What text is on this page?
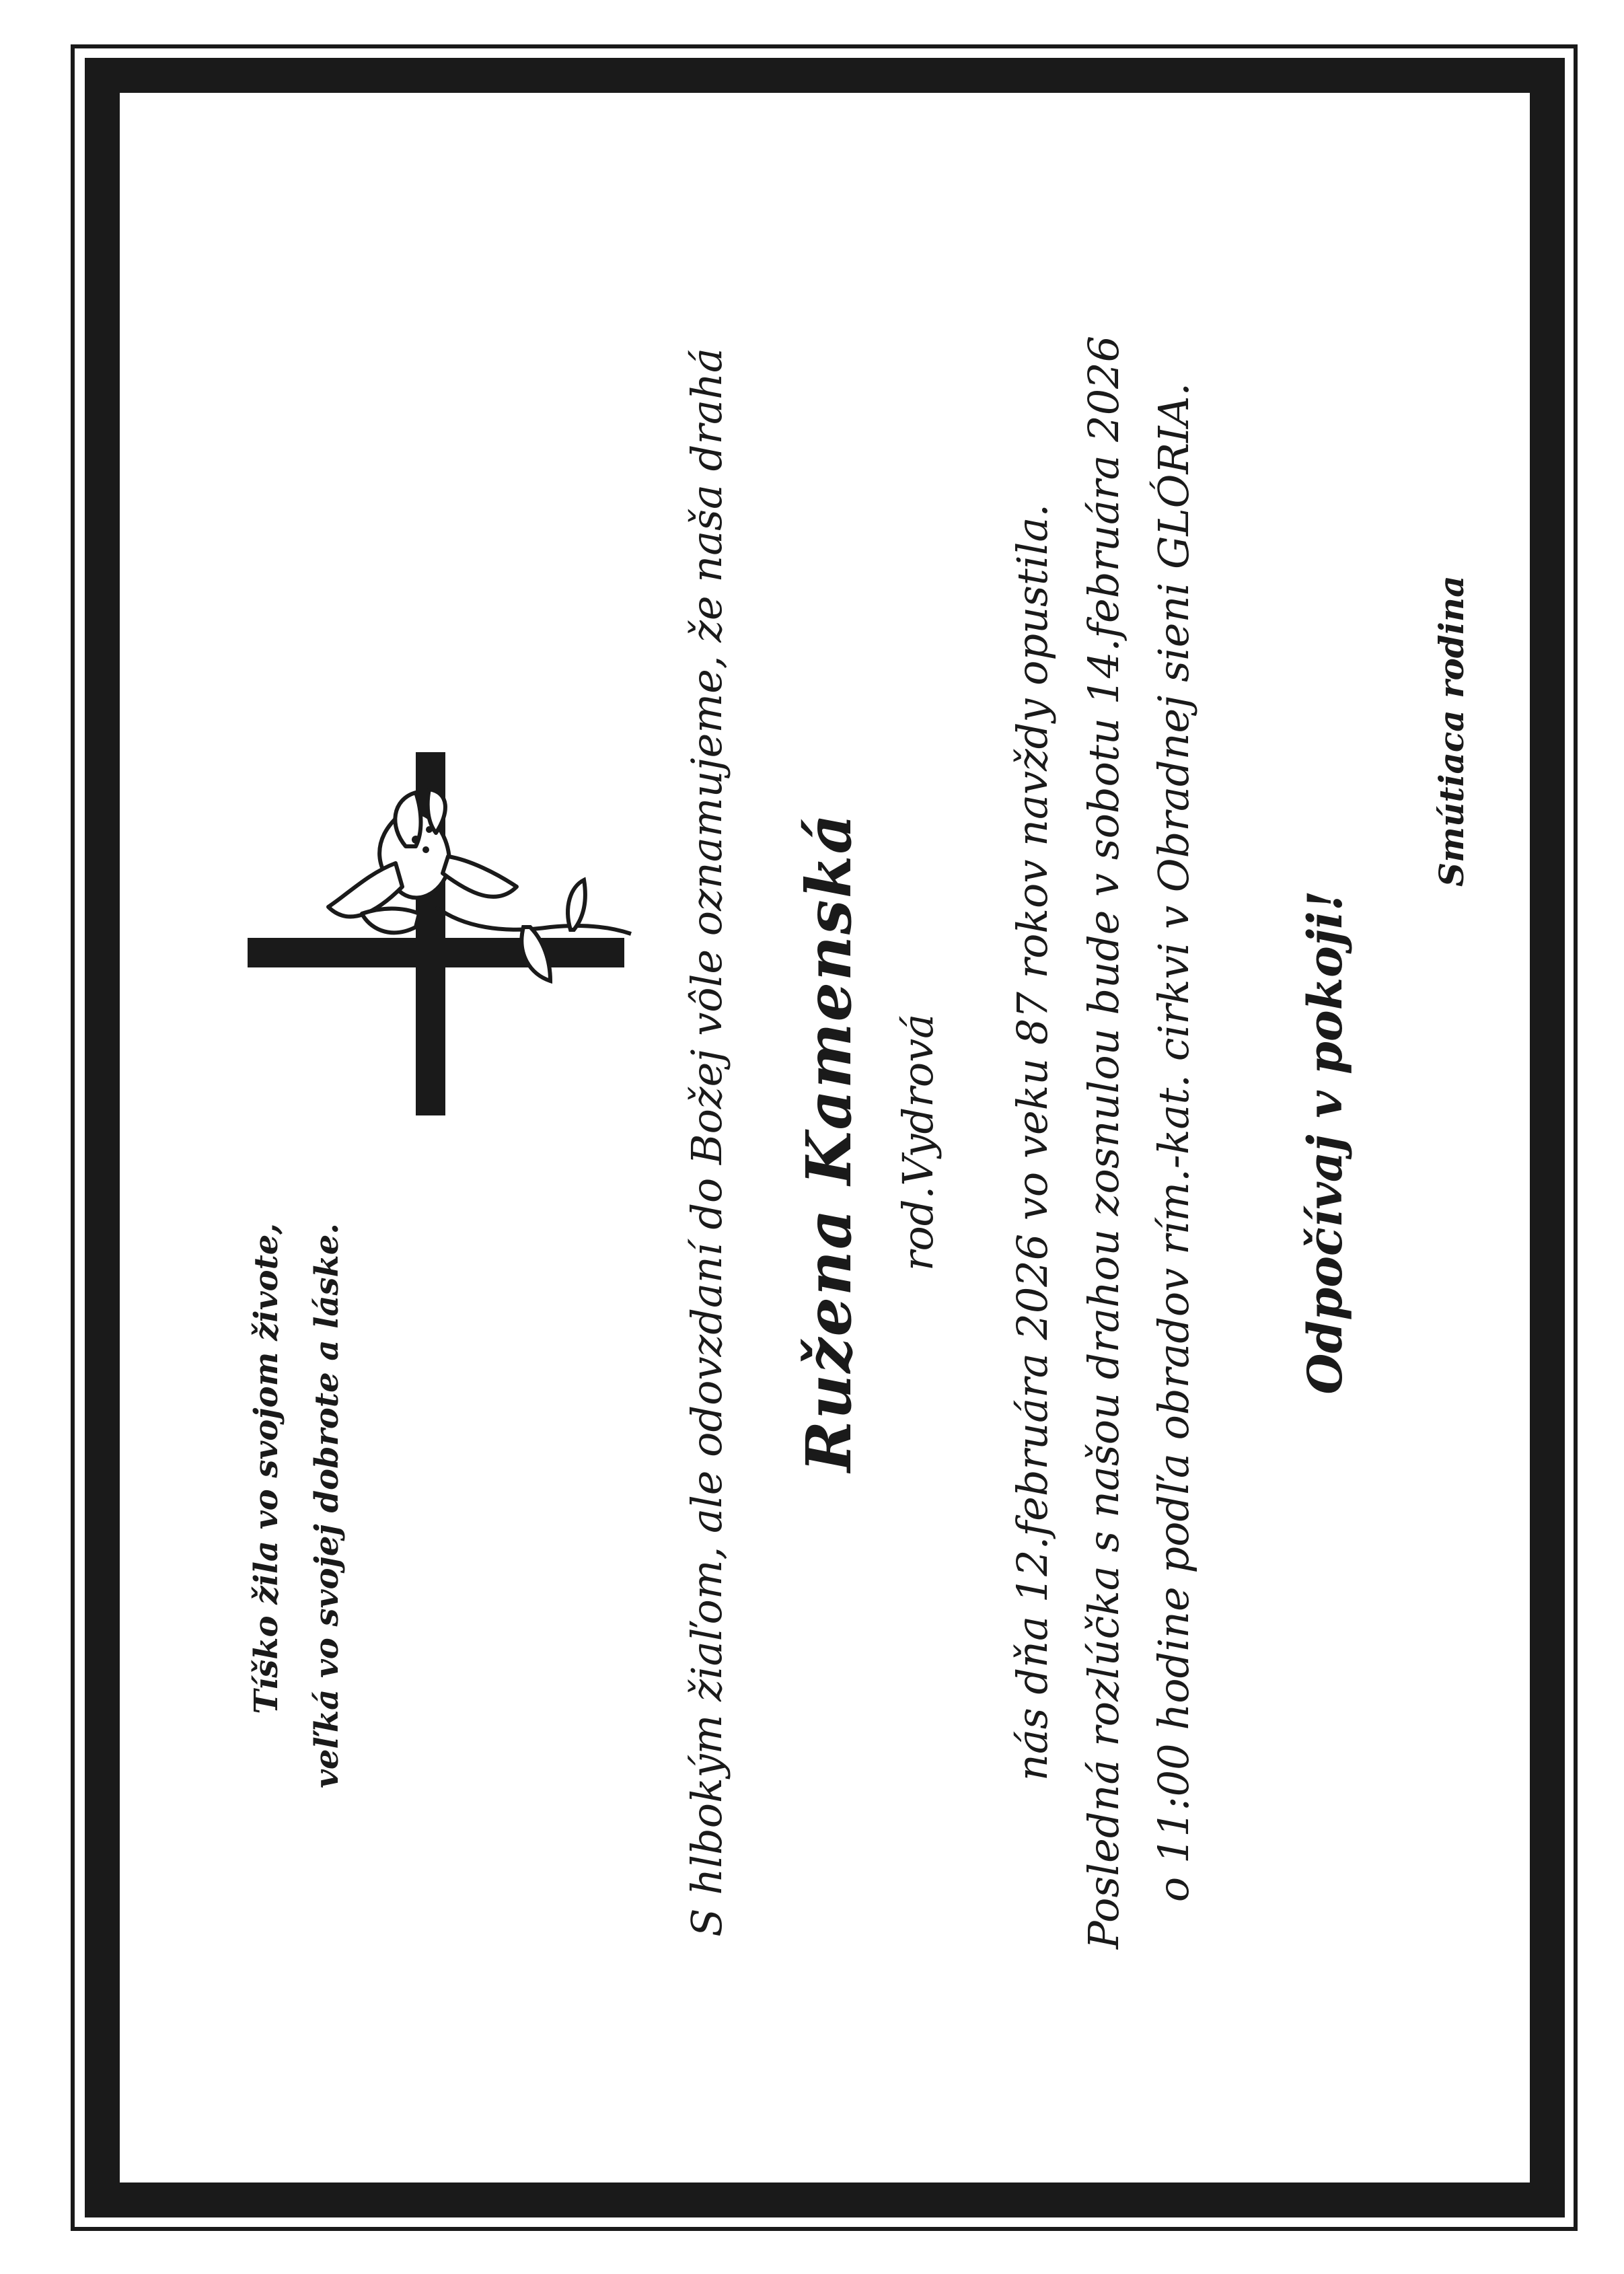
Tíško žila vo svojom živote, veľká vo svojej dobrote a láske.	S hlbokým žiaľom, ale odovzdaní do Božej vôle oznamujeme, že naša drahá Ružena Kamenská rod.Vydrová nás dňa 12.februára 2026 vo veku 87 rokov navždy opustila. Posledná rozlúčka s našou drahou zosnulou bude v sobotu 14.februára 2026 o 11:00 hodine podľa obradov rím.-kat. cirkvi v Obradnej sieni GLÓRIA. Odpočívaj v pokoji!
Smútiaca rodina
